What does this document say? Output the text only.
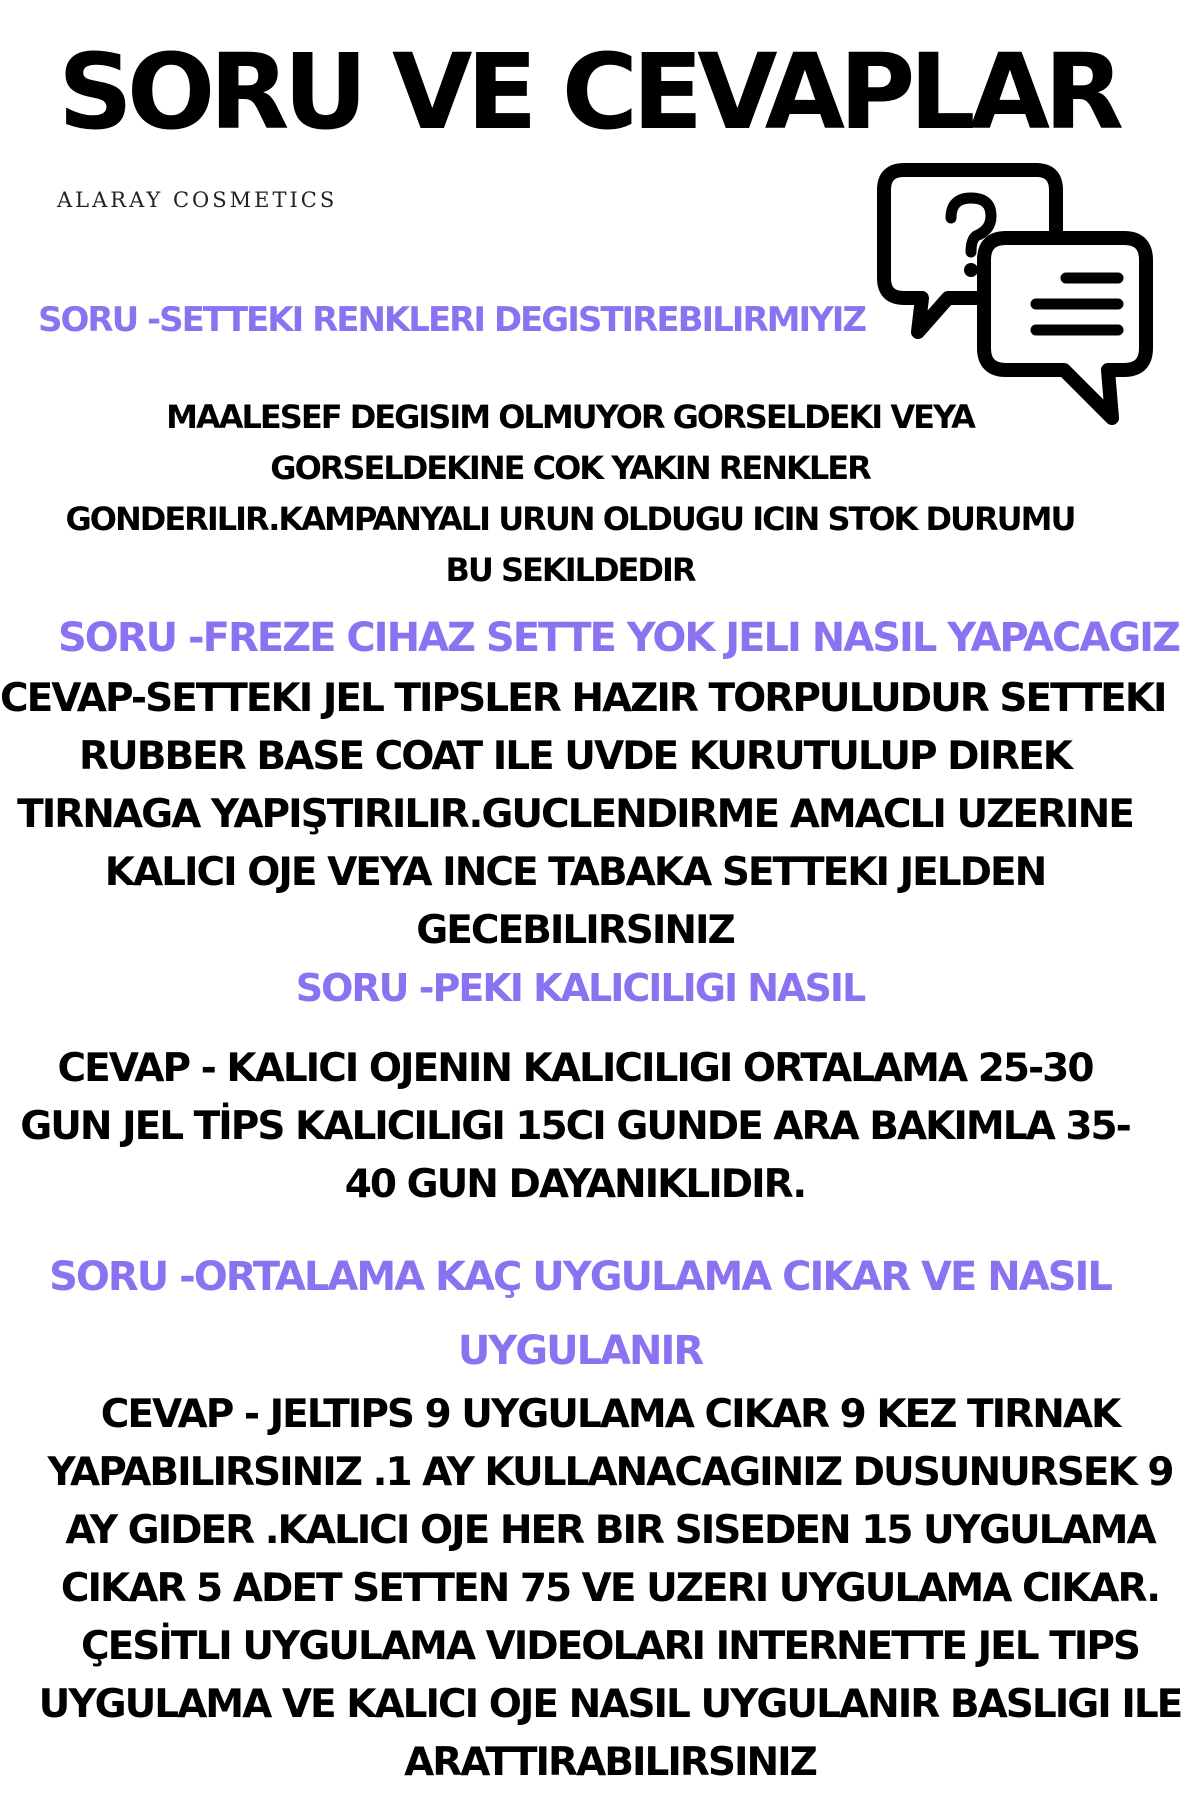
SORU VE CEVAPLAR
ALARAY COSMETICS
SORU -SETTEKI RENKLERI DEGISTIREBILIRMIYIZ
MAALESEF DEGISIM OLMUYOR GORSELDEKI VEYA
GORSELDEKINE COK YAKIN RENKLER
GONDERILIR.KAMPANYALI URUN OLDUGU ICIN STOK DURUMU
BU SEKILDEDIR
SORU -FREZE CIHAZ SETTE YOK JELI NASIL YAPACAGIZ
CEVAP-SETTEKI JEL TIPSLER HAZIR TORPULUDUR SETTEKI
RUBBER BASE COAT ILE UVDE KURUTULUP DIREK
TIRNAGA YAPIŞTIRILIR.GUCLENDIRME AMACLI UZERINE
KALICI OJE VEYA INCE TABAKA SETTEKI JELDEN
GECEBILIRSINIZ
SORU -PEKI KALICILIGI NASIL
CEVAP - KALICI OJENIN KALICILIGI ORTALAMA 25-30
GUN JEL TİPS KALICILIGI 15CI GUNDE ARA BAKIMLA 35-
40 GUN DAYANIKLIDIR.
SORU -ORTALAMA KAÇ UYGULAMA CIKAR VE NASIL
UYGULANIR
CEVAP - JELTIPS 9 UYGULAMA CIKAR 9 KEZ TIRNAK
YAPABILIRSINIZ .1 AY KULLANACAGINIZ DUSUNURSEK 9
AY GIDER .KALICI OJE HER BIR SISEDEN 15 UYGULAMA
CIKAR 5 ADET SETTEN 75 VE UZERI UYGULAMA CIKAR.
ÇESİTLI UYGULAMA VIDEOLARI INTERNETTE JEL TIPS
UYGULAMA VE KALICI OJE NASIL UYGULANIR BASLIGI ILE
ARATTIRABILIRSINIZ
